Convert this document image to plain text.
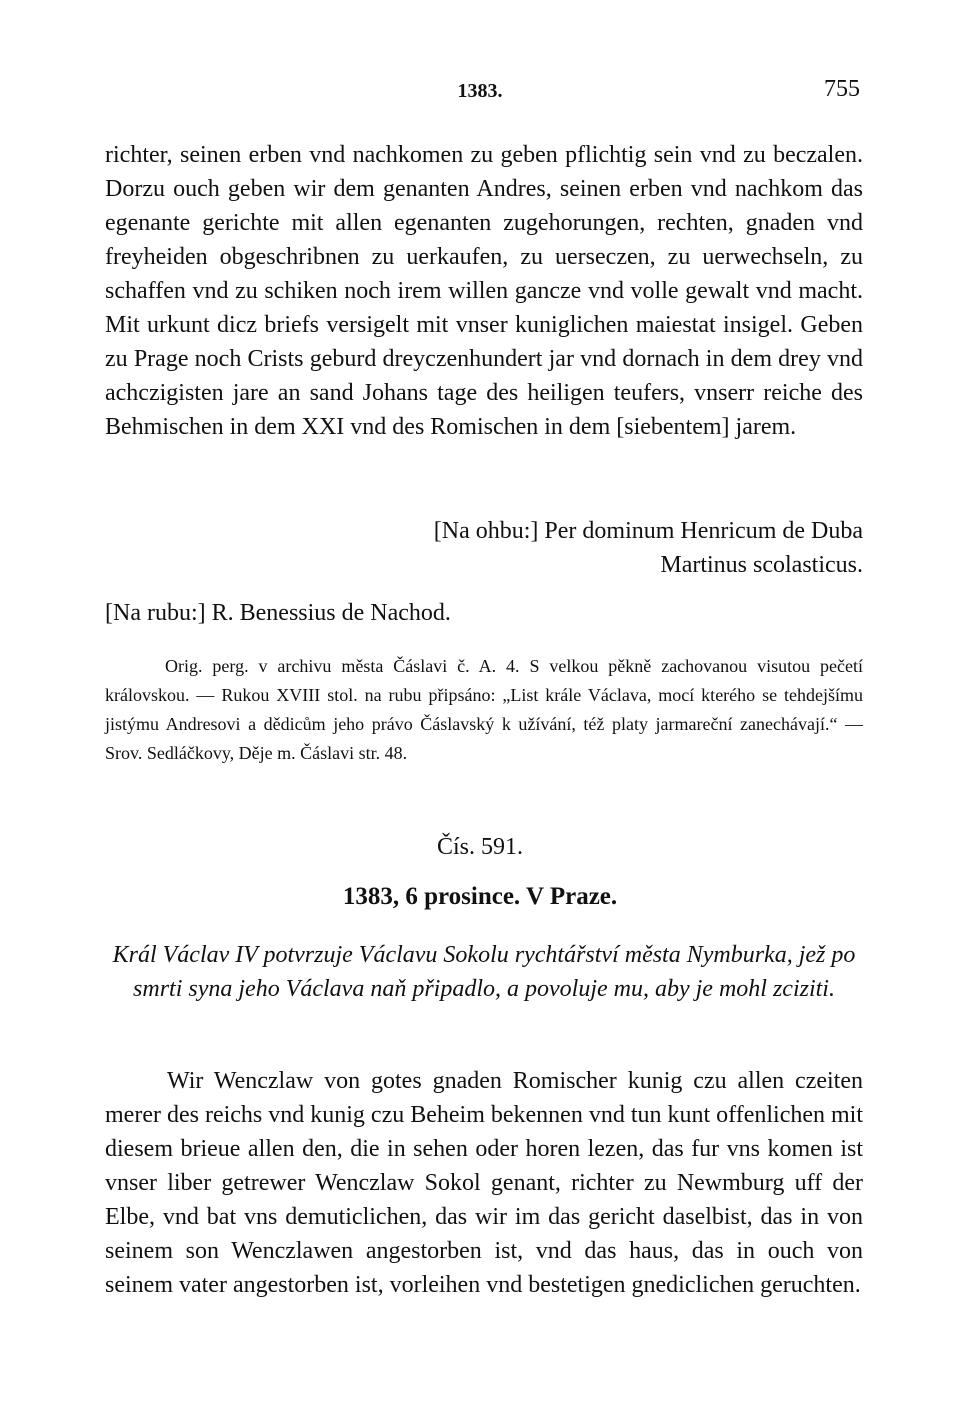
1383.	755

richter, seinen erben vnd nachkomen zu geben pflichtig sein vnd zu beczalen. Dorzu ouch geben wir dem genanten Andres, seinen erben vnd nachkom das egenante gerichte mit allen egenanten zugehorungen, rechten, gnaden vnd freyheiden obgeschribnen zu uerkaufen, zu uerseczen, zu uerwechseln, zu schaffen vnd zu schiken noch irem willen gancze vnd volle gewalt vnd macht. Mit urkunt dicz briefs versigelt mit vnser kuniglichen maiestat insigel. Geben zu Prage noch Crists geburd dreyczenhundert jar vnd dornach in dem drey vnd achczigisten jare an sand Johans tage des heiligen teufers, vnserr reiche des Behmischen in dem XXI vnd des Romischen in dem [siebentem] jarem.

[Na ohbu:] Per dominum Henricum de Duba
Martinus scolasticus.
[Na rubu:] R. Benessius de Nachod.

Orig. perg. v archivu města Čáslavi č. A. 4. S velkou pěkně zachovanou visutou pečetí královskou. — Rukou XVIII stol. na rubu připsáno: „List krále Václava, mocí kterého se tehdejšímu jistýmu Andresovi a dědicům jeho právo Čáslavský k užívání, též platy jarmareční zanechávají.“ — Srov. Sedláčkovy, Děje m. Čáslavi str. 48.

Čís. 591.
1383, 6 prosince. V Praze.

Král Václav IV potvrzuje Václavu Sokolu rychtářství města Nymburka, jež po smrti syna jeho Václava naň připadlo, a povoluje mu, aby je mohl zciziti.

Wir Wenczlaw von gotes gnaden Romischer kunig czu allen czeiten merer des reichs vnd kunig czu Beheim bekennen vnd tun kunt offenlichen mit diesem brieue allen den, die in sehen oder horen lezen, das fur vns komen ist vnser liber getrewer Wenczlaw Sokol genant, richter zu Newmburg uff der Elbe, vnd bat vns demuticlichen, das wir im das gericht daselbist, das in von seinem son Wenczlawen angestorben ist, vnd das haus, das in ouch von seinem vater angestorben ist, vorleihen vnd bestetigen gnediclichen geruchten.
